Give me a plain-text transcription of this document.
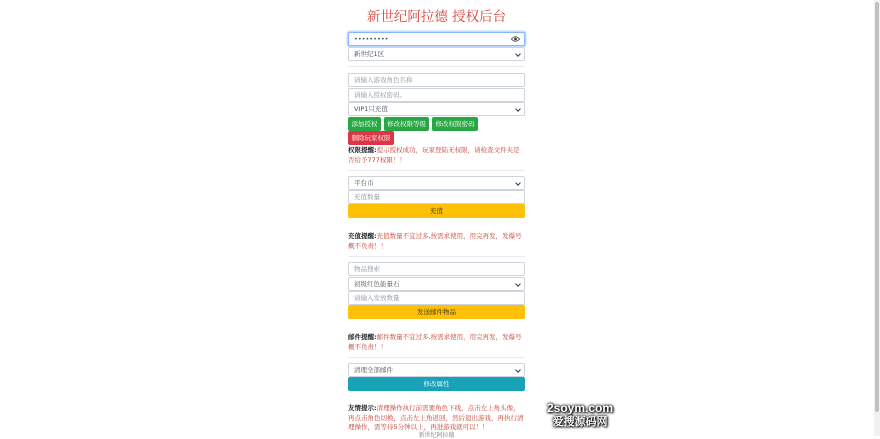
新世纪阿拉德 授权后台
•••••••••
新世纪1区
请输入游戏角色名称
请输入授权密码。
VIP1只充值
添加授权	修改权限等级	修改权限密码
删除玩家权限
权限提醒:提示授权成功，玩家登陆无权限，请检查文件夹是否给予777权限！！
平台币
充值数量
充值
充值提醒:充值数量不宜过多,按需求使用，用完再发，发爆号概不负责！！
物品搜索
初级红色能量石
请输入发放数量
发送邮件物品
邮件提醒:邮件数量不宜过多,按需求使用，用完再发，发爆号概不负责！！
清理全部邮件
修改属性
友情提示:清理操作执行前需要角色下线，点击左上角头像，再点击角色切换，点击左上角返回，然后退出游戏，再执行清理操作，需等待5分钟以上，再进游戏就可以！！
新世纪阿拉德
2soym.com
爱搜源码网
